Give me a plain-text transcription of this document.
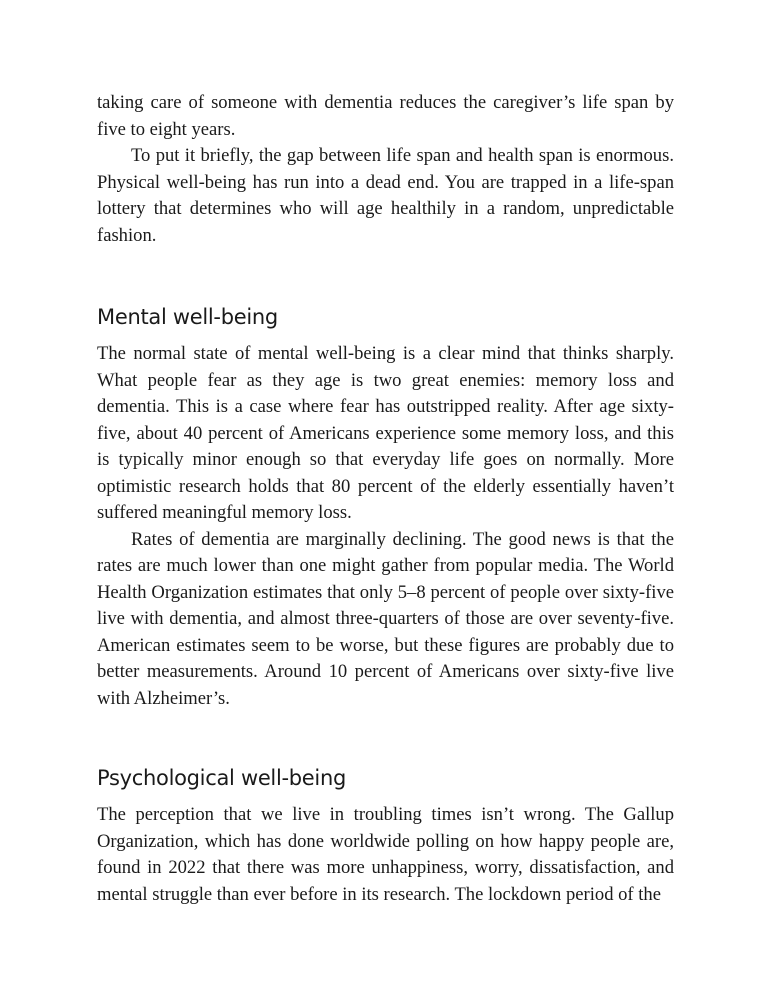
taking care of someone with dementia reduces the caregiver’s life span by five to eight years.

To put it briefly, the gap between life span and health span is enormous. Physical well-being has run into a dead end. You are trapped in a life-span lottery that determines who will age healthily in a random, unpredictable fashion.

Mental well-being

The normal state of mental well-being is a clear mind that thinks sharply. What people fear as they age is two great enemies: memory loss and dementia. This is a case where fear has outstripped reality. After age sixty-five, about 40 percent of Americans experience some memory loss, and this is typically minor enough so that everyday life goes on normally. More optimistic research holds that 80 percent of the elderly essentially haven’t suffered meaningful memory loss.

Rates of dementia are marginally declining. The good news is that the rates are much lower than one might gather from popular media. The World Health Organization estimates that only 5–8 percent of people over sixty-five live with dementia, and almost three-quarters of those are over seventy-five. American estimates seem to be worse, but these figures are probably due to better measurements. Around 10 percent of Americans over sixty-five live with Alzheimer’s.

Psychological well-being

The perception that we live in troubling times isn’t wrong. The Gallup Organization, which has done worldwide polling on how happy people are, found in 2022 that there was more unhappiness, worry, dissatisfaction, and mental struggle than ever before in its research. The lockdown period of the
